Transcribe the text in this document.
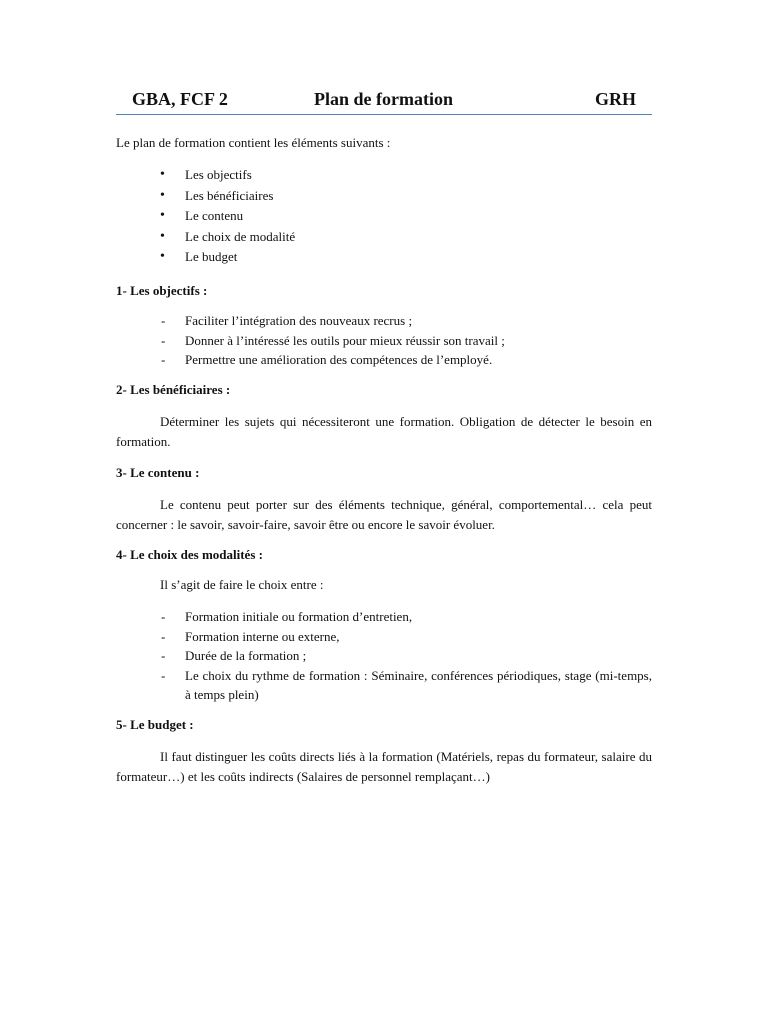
GBA, FCF 2	Plan de formation	GRH
Le plan de formation contient les éléments suivants :
• Les objectifs
• Les bénéficiaires
• Le contenu
• Le choix de modalité
• Le budget
1- Les objectifs :
- Faciliter l’intégration des nouveaux recrus ;
- Donner à l’intéressé les outils pour mieux réussir son travail ;
- Permettre une amélioration des compétences de l’employé.
2- Les bénéficiaires :

Déterminer les sujets qui nécessiteront une formation. Obligation de détecter le besoin en formation.

3- Le contenu :

Le contenu peut porter sur des éléments technique, général, comportemental… cela peut concerner : le savoir, savoir-faire, savoir être ou encore le savoir évoluer.

4- Le choix des modalités :
Il s’agit de faire le choix entre :
- Formation initiale ou formation d’entretien,
- Formation interne ou externe,
- Durée de la formation ;
- Le choix du rythme de formation : Séminaire, conférences périodiques, stage (mi-temps, à temps plein)
5- Le budget :

Il faut distinguer les coûts directs liés à la formation (Matériels, repas du formateur, salaire du formateur…) et les coûts indirects (Salaires de personnel remplaçant…)
